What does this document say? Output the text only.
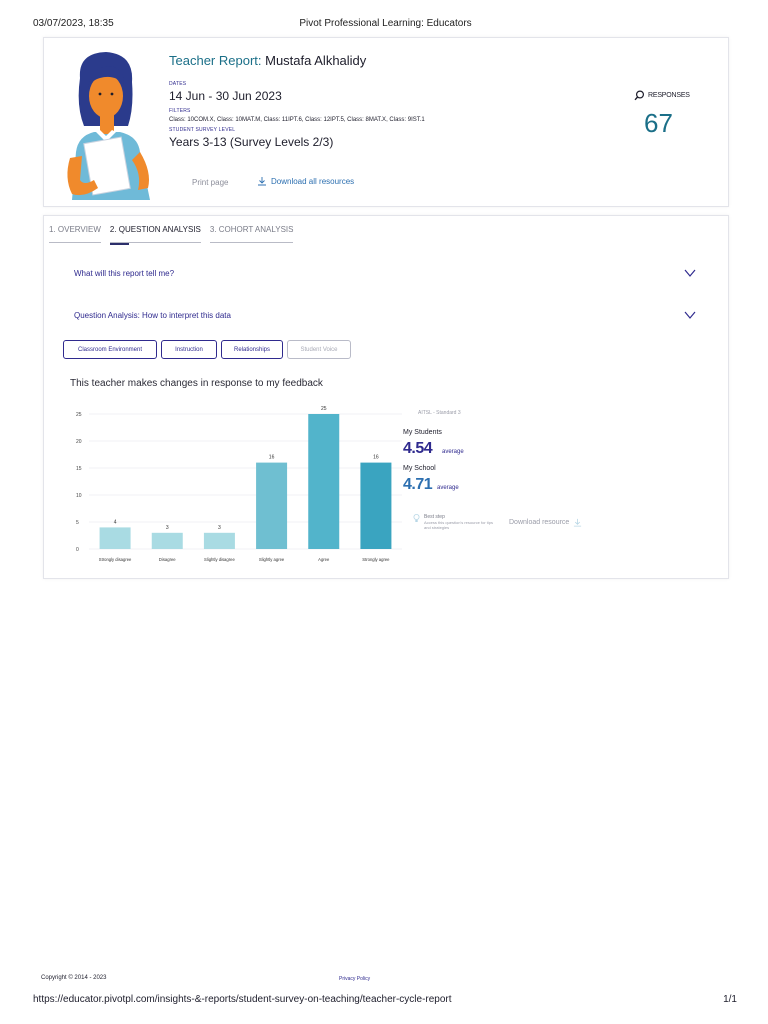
03/07/2023, 18:35	Pivot Professional Learning: Educators
Teacher Report: Mustafa Alkhalidy
DATES
14 Jun - 30 Jun 2023
FILTERS
Class: 10COM.X, Class: 10MAT.M, Class: 11IPT.6, Class: 12IPT.5, Class: 8MAT.X, Class: 9IST.1
STUDENT SURVEY LEVEL
Years 3-13 (Survey Levels 2/3)
Print page	Download all resources
RESPONSES
67
1. OVERVIEW 2. QUESTION ANALYSIS 3. COHORT ANALYSIS
What will this report tell me?
Question Analysis: How to interpret this data
Classroom Environment	Instruction	Relationships	Student Voice
This teacher makes changes in response to my feedback
0
5
10
15
20
25
4
Strongly disagree
3
Disagree
3
Slightly disagree
16
Slightly agree
25
Agree
16
Strongly agree
AITSL - Standard 3
My Students
4.54 average
My School
4.71 average
Best step
Access this question's resource for tips and strategies
Download resource
Copyright © 2014 - 2023	Privacy Policy
https://educator.pivotpl.com/insights-&-reports/student-survey-on-teaching/teacher-cycle-report	1/1
